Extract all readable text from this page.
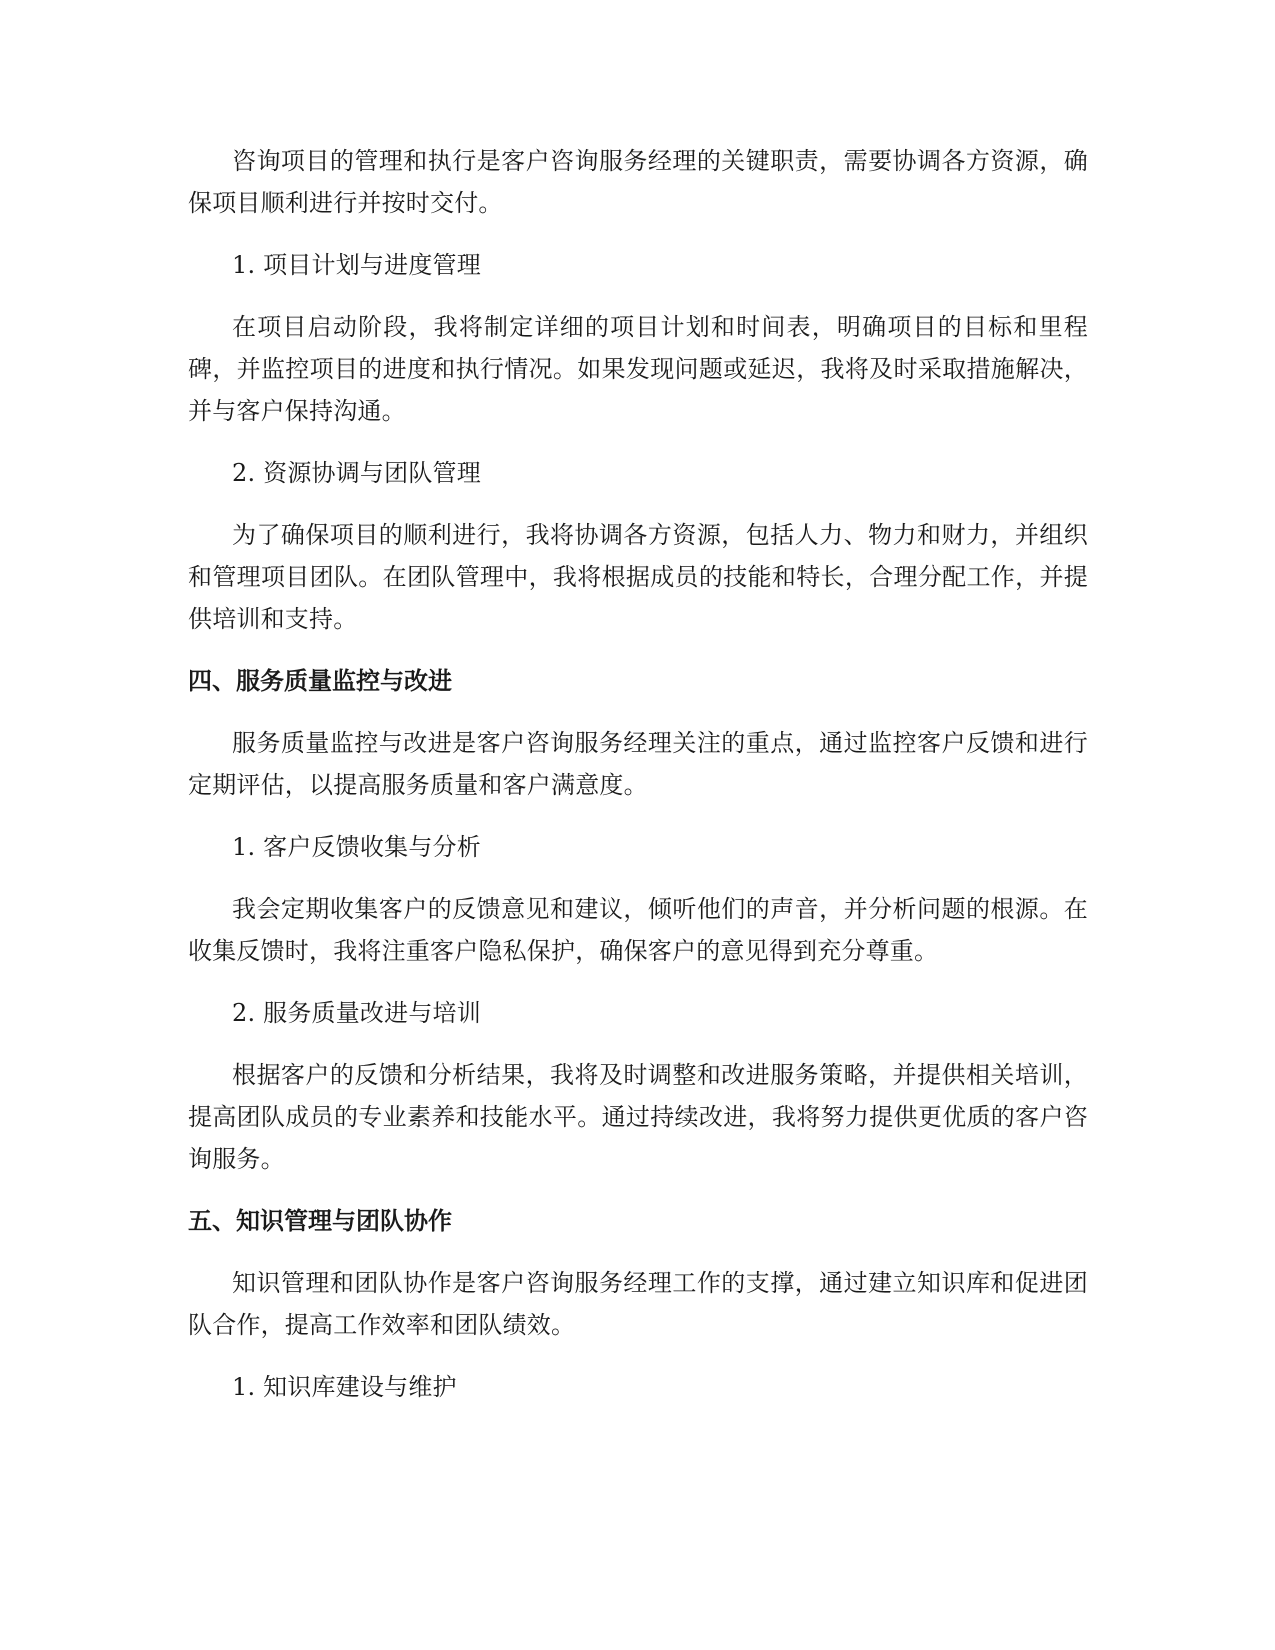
咨询项目的管理和执行是客户咨询服务经理的关键职责，需要协调各方资源，确保项目顺利进行并按时交付。

1. 项目计划与进度管理

在项目启动阶段，我将制定详细的项目计划和时间表，明确项目的目标和里程碑，并监控项目的进度和执行情况。如果发现问题或延迟，我将及时采取措施解决，并与客户保持沟通。

2. 资源协调与团队管理

为了确保项目的顺利进行，我将协调各方资源，包括人力、物力和财力，并组织和管理项目团队。在团队管理中，我将根据成员的技能和特长，合理分配工作，并提供培训和支持。

四、服务质量监控与改进

服务质量监控与改进是客户咨询服务经理关注的重点，通过监控客户反馈和进行定期评估，以提高服务质量和客户满意度。

1. 客户反馈收集与分析

我会定期收集客户的反馈意见和建议，倾听他们的声音，并分析问题的根源。在收集反馈时，我将注重客户隐私保护，确保客户的意见得到充分尊重。

2. 服务质量改进与培训

根据客户的反馈和分析结果，我将及时调整和改进服务策略，并提供相关培训，提高团队成员的专业素养和技能水平。通过持续改进，我将努力提供更优质的客户咨询服务。

五、知识管理与团队协作

知识管理和团队协作是客户咨询服务经理工作的支撑，通过建立知识库和促进团队合作，提高工作效率和团队绩效。

1. 知识库建设与维护
